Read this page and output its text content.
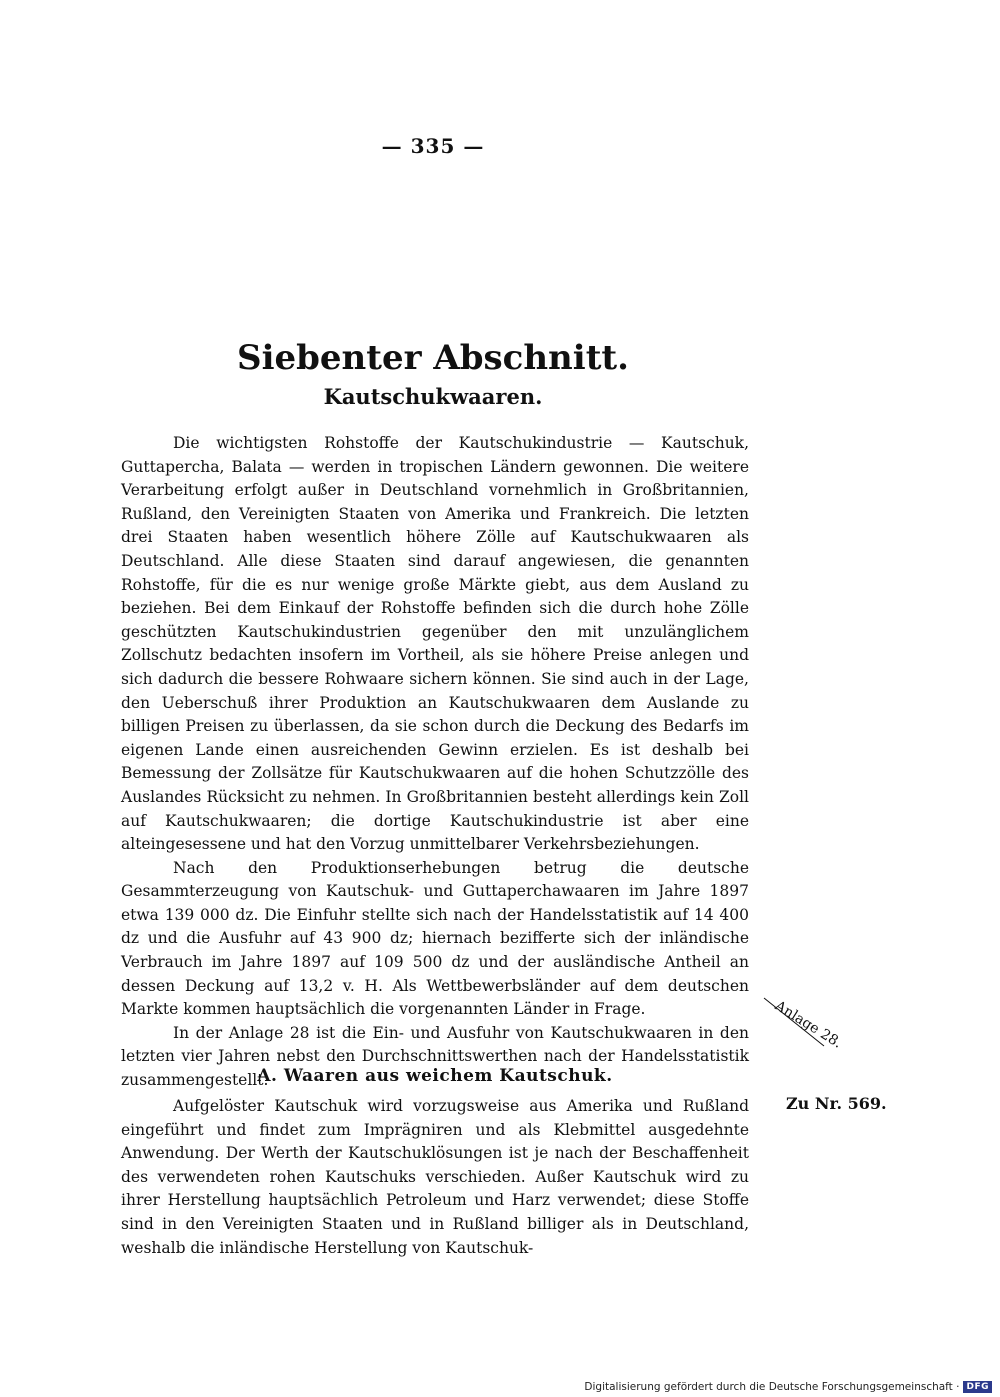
— 335 —
Siebenter Abschnitt.
Kautschukwaaren.

Die wichtigsten Rohstoffe der Kautschukindustrie — Kautschuk, Guttapercha, Balata — werden in tropischen Ländern gewonnen. Die weitere Verarbeitung erfolgt außer in Deutschland vornehmlich in Großbritannien, Rußland, den Vereinigten Staaten von Amerika und Frankreich. Die letzten drei Staaten haben wesentlich höhere Zölle auf Kautschukwaaren als Deutschland. Alle diese Staaten sind darauf angewiesen, die genannten Rohstoffe, für die es nur wenige große Märkte giebt, aus dem Ausland zu beziehen. Bei dem Einkauf der Rohstoffe befinden sich die durch hohe Zölle geschützten Kautschukindustrien gegenüber den mit unzulänglichem Zollschutz bedachten insofern im Vortheil, als sie höhere Preise anlegen und sich dadurch die bessere Rohwaare sichern können. Sie sind auch in der Lage, den Ueberschuß ihrer Produktion an Kautschukwaaren dem Auslande zu billigen Preisen zu überlassen, da sie schon durch die Deckung des Bedarfs im eigenen Lande einen ausreichenden Gewinn erzielen. Es ist deshalb bei Bemessung der Zollsätze für Kautschukwaaren auf die hohen Schutzzölle des Auslandes Rücksicht zu nehmen. In Großbritannien besteht allerdings kein Zoll auf Kautschukwaaren; die dortige Kautschukindustrie ist aber eine alteingesessene und hat den Vorzug unmittelbarer Verkehrsbeziehungen.

Nach den Produktionserhebungen betrug die deutsche Gesammterzeugung von Kautschuk- und Guttaperchawaaren im Jahre 1897 etwa 139 000 dz. Die Einfuhr stellte sich nach der Handelsstatistik auf 14 400 dz und die Ausfuhr auf 43 900 dz; hiernach bezifferte sich der inländische Verbrauch im Jahre 1897 auf 109 500 dz und der ausländische Antheil an dessen Deckung auf 13,2 v. H. Als Wettbewerbsländer auf dem deutschen Markte kommen hauptsächlich die vorgenannten Länder in Frage.

In der Anlage 28 ist die Ein- und Ausfuhr von Kautschukwaaren in den letzten vier Jahren nebst den Durchschnittswerthen nach der Handelsstatistik zusammengestellt.

Anlage 28.
A. Waaren aus weichem Kautschuk.
Zu Nr. 569.

Aufgelöster Kautschuk wird vorzugsweise aus Amerika und Rußland eingeführt und findet zum Imprägniren und als Klebmittel ausgedehnte Anwendung. Der Werth der Kautschuklösungen ist je nach der Beschaffenheit des verwendeten rohen Kautschuks verschieden. Außer Kautschuk wird zu ihrer Herstellung hauptsächlich Petroleum und Harz verwendet; diese Stoffe sind in den Vereinigten Staaten und in Rußland billiger als in Deutschland, weshalb die inländische Herstellung von Kautschuk-

Digitalisierung gefördert durch die Deutsche Forschungsgemeinschaft · DFG
